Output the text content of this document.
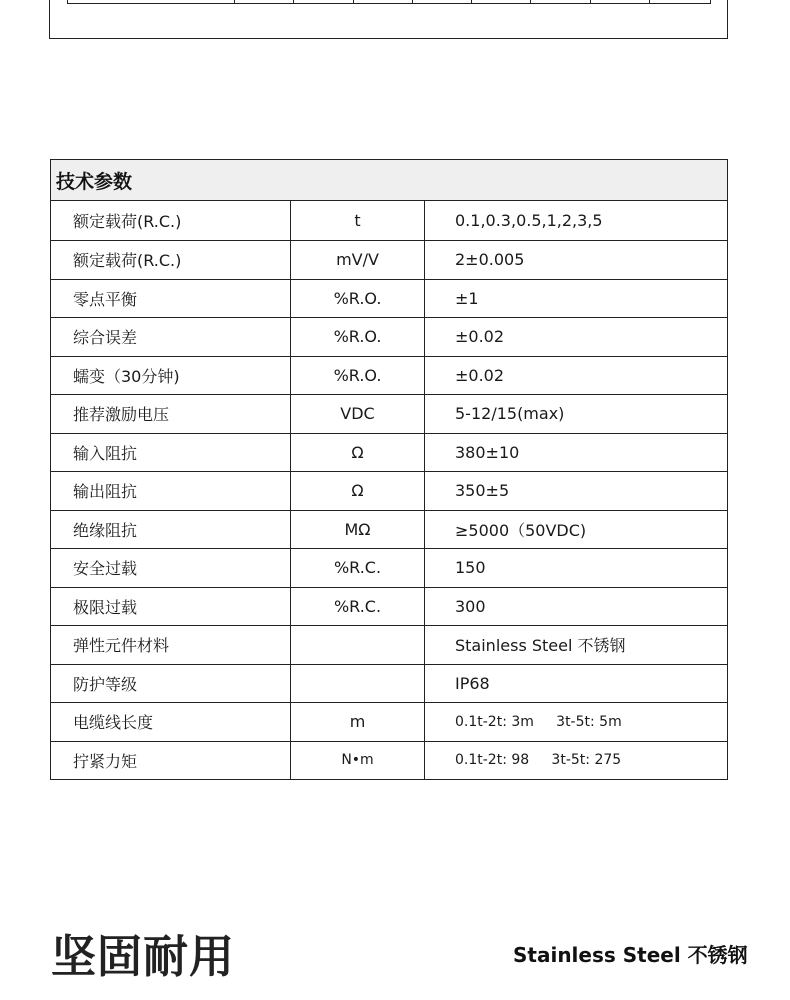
技术参数		
额定载荷(R.C.)	t	0.1,0.3,0.5,1,2,3,5
额定载荷(R.C.)	mV/V	2±0.005
零点平衡	%R.O.	±1
综合误差	%R.O.	±0.02
蠕变（30分钟)	%R.O.	±0.02
推荐激励电压	VDC	5-12/15(max)
输入阻抗	Ω	380±10
输出阻抗	Ω	350±5
绝缘阻抗	MΩ	≥5000（50VDC)
安全过载	%R.C.	150
极限过载	%R.C.	300
弹性元件材料		Stainless Steel 不锈钢
防护等级		IP68
电缆线长度	m	0.1t-2t: 3m     3t-5t: 5m
拧紧力矩	N•m	0.1t-2t: 98     3t-5t: 275
坚固耐用	Stainless Steel 不锈钢
